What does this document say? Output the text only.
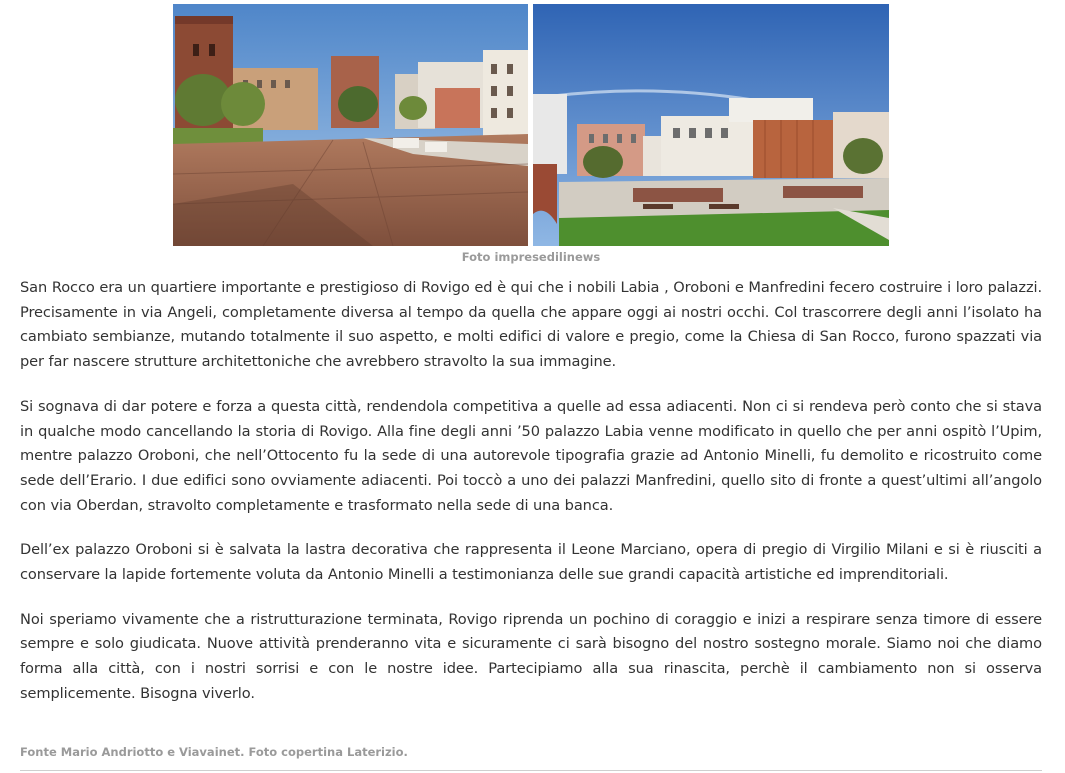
Foto impresedilinews

San Rocco era un quartiere importante e prestigioso di Rovigo ed è qui che i nobili Labia , Oroboni e Manfredini fecero costruire i loro palazzi. Precisamente in via Angeli, completamente diversa al tempo da quella che appare oggi ai nostri occhi. Col trascorrere degli anni l’isolato ha cambiato sembianze, mutando totalmente il suo aspetto, e molti edifici di valore e pregio, come la Chiesa di San Rocco, furono spazzati via per far nascere strutture architettoniche che avrebbero stravolto la sua immagine.

Si sognava di dar potere e forza a questa città, rendendola competitiva a quelle ad essa adiacenti. Non ci si rendeva però conto che si stava in qualche modo cancellando la storia di Rovigo. Alla fine degli anni ’50 palazzo Labia venne modificato in quello che per anni ospitò l’Upim, mentre palazzo Oroboni, che nell’Ottocento fu la sede di una autorevole tipografia grazie ad Antonio Minelli, fu demolito e ricostruito come sede dell’Erario. I due edifici sono ovviamente adiacenti. Poi toccò a uno dei palazzi Manfredini, quello sito di fronte a quest’ultimi all’angolo con via Oberdan, stravolto completamente e trasformato nella sede di una banca.

Dell’ex palazzo Oroboni si è salvata la lastra decorativa che rappresenta il Leone Marciano, opera di pregio di Virgilio Milani e si è riusciti a conservare la lapide fortemente voluta da Antonio Minelli a testimonianza delle sue grandi capacità artistiche ed imprenditoriali.

Noi speriamo vivamente che a ristrutturazione terminata, Rovigo riprenda un pochino di coraggio e inizi a respirare senza timore di essere sempre e solo giudicata. Nuove attività prenderanno vita e sicuramente ci sarà bisogno del nostro sostegno morale. Siamo noi che diamo forma alla città, con i nostri sorrisi e con le nostre idee. Partecipiamo alla sua rinascita, perchè il cambiamento non si osserva semplicemente. Bisogna viverlo.

Fonte Mario Andriotto e Viavainet. Foto copertina Laterizio.
